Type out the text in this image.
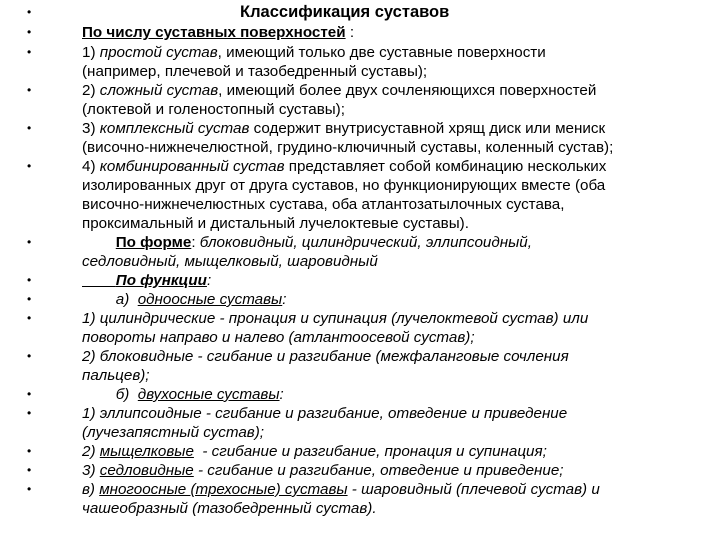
•	Классификация суставов
•	По числу суставных поверхностей :
•	1) простой сустав, имеющий только две суставные поверхности
(например, плечевой и тазобедренный суставы);
•	2) сложный сустав, имеющий более двух сочленяющихся поверхностей
(локтевой и голеностопный суставы);
•	3) комплексный сустав содержит внутрисуставной хрящ диск или мениск
(височно-нижнечелюстной, грудино-ключичный суставы, коленный сустав);
•	4) комбинированный сустав представляет собой комбинацию нескольких
изолированных друг от друга суставов, но функционирующих вместе (оба
височно-нижнечелюстных сустава, оба атлантозатылочных сустава,
проксимальный и дистальный лучелоктевые суставы).
•	По форме: блоковидный, цилиндрический, эллипсоидный,
седловидный, мыщелковый, шаровидный
•	По функции:
•	а)  одноосные суставы:
•	1) цилиндрические - пронация и супинация (лучелоктевой сустав) или
повороты направо и налево (атлантоосевой сустав);
•	2) блоковидные - сгибание и разгибание (межфаланговые сочления
пальцев);
•	б)  двухосные суставы:
•	1) эллипсоидные - сгибание и разгибание, отведение и приведение
(лучезапястный сустав);
•	2) мыщелковые  - сгибание и разгибание, пронация и супинация;
•	3) седловидные - сгибание и разгибание, отведение и приведение;
•	в) многоосные (трехосные) суставы - шаровидный (плечевой сустав) и
чашеобразный (тазобедренный сустав).
